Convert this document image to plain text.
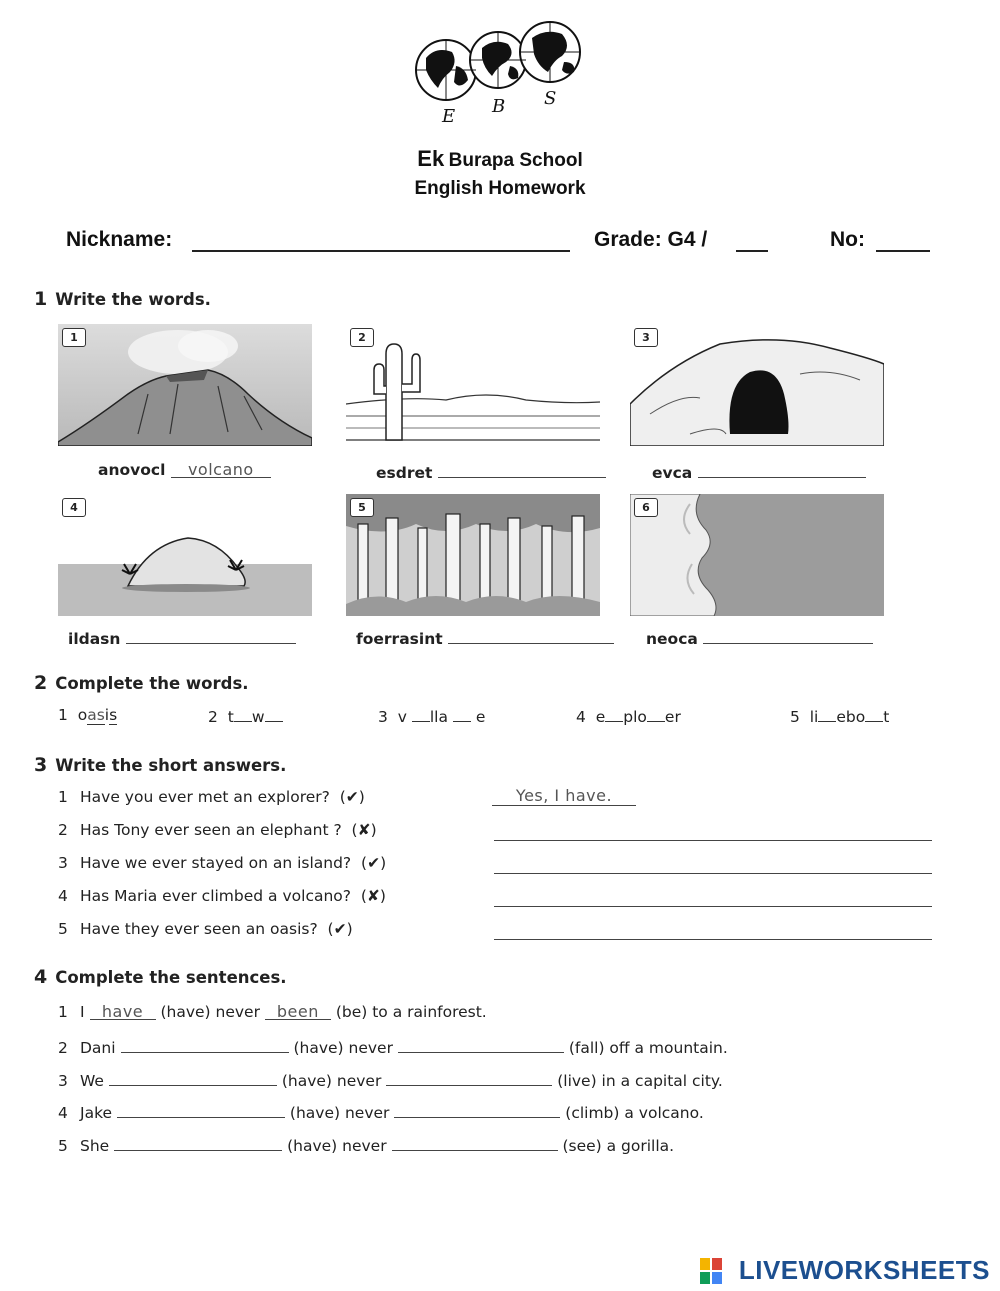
E B S
Ek Burapa School
English Homework
Nickname:	Grade: G4 /	No:
1 Write the words.
1	2	3
anovocl volcano	esdret	evca
4	5	6
ildasn	foerrasint	neoca
2 Complete the words.
1 oasis	2 t w	3 v lla e	4 e plo er	5 li ebo t
3 Write the short answers.
1 Have you ever met an explorer? (✔)	Yes, I have.
2 Has Tony ever seen an elephant ? (✘)
3 Have we ever stayed on an island? (✔)
4 Has Maria ever climbed a volcano? (✘)
5 Have they ever seen an oasis? (✔)
4 Complete the sentences.
1 I have (have) never been (be) to a rainforest.
2 Dani	(have) never	(fall) off a mountain.
3 We	(have) never	(live) in a capital city.
4 Jake	(have) never	(climb) a volcano.
5 She	(have) never	(see) a gorilla.
LIVEWORKSHEETS
